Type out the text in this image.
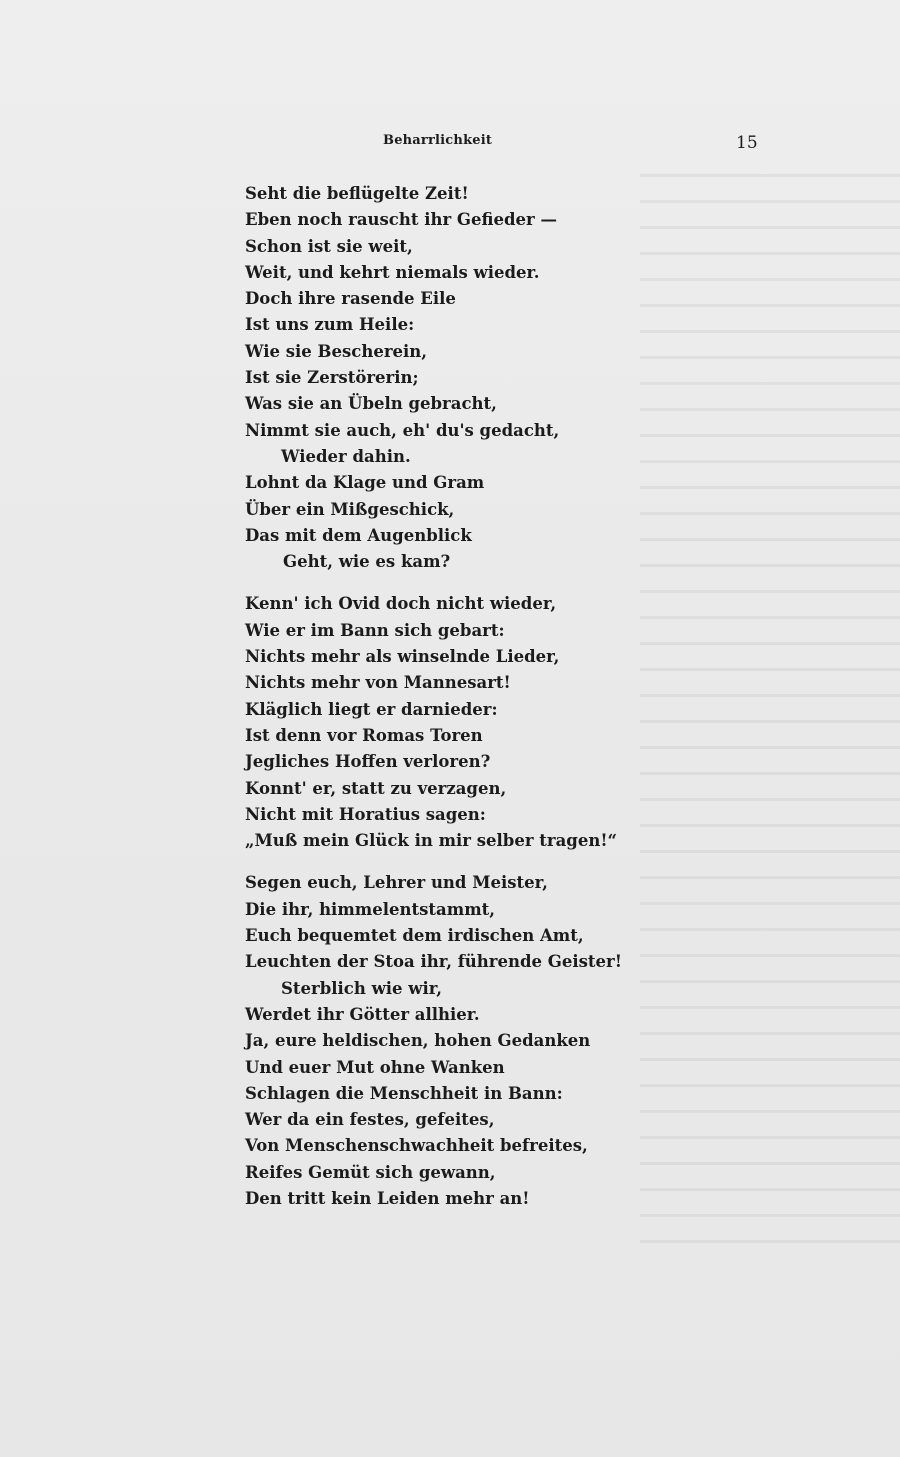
Beharrlichkeit	15
Seht die beflügelte Zeit!
Eben noch rauscht ihr Gefieder —
Schon ist sie weit,
Weit, und kehrt niemals wieder.
Doch ihre rasende Eile
Ist uns zum Heile:
Wie sie Bescherein,
Ist sie Zerstörerin;
Was sie an Übeln gebracht,
Nimmt sie auch, eh' du's gedacht,
Wieder dahin.
Lohnt da Klage und Gram
Über ein Mißgeschick,
Das mit dem Augenblick
Geht, wie es kam?
Kenn' ich Ovid doch nicht wieder,
Wie er im Bann sich gebart:
Nichts mehr als winselnde Lieder,
Nichts mehr von Mannesart!
Kläglich liegt er darnieder:
Ist denn vor Romas Toren
Jegliches Hoffen verloren?
Konnt' er, statt zu verzagen,
Nicht mit Horatius sagen:
„Muß mein Glück in mir selber tragen!“
Segen euch, Lehrer und Meister,
Die ihr, himmelentstammt,
Euch bequemtet dem irdischen Amt,
Leuchten der Stoa ihr, führende Geister!
Sterblich wie wir,
Werdet ihr Götter allhier.
Ja, eure heldischen, hohen Gedanken
Und euer Mut ohne Wanken
Schlagen die Menschheit in Bann:
Wer da ein festes, gefeites,
Von Menschenschwachheit befreites,
Reifes Gemüt sich gewann,
Den tritt kein Leiden mehr an!
